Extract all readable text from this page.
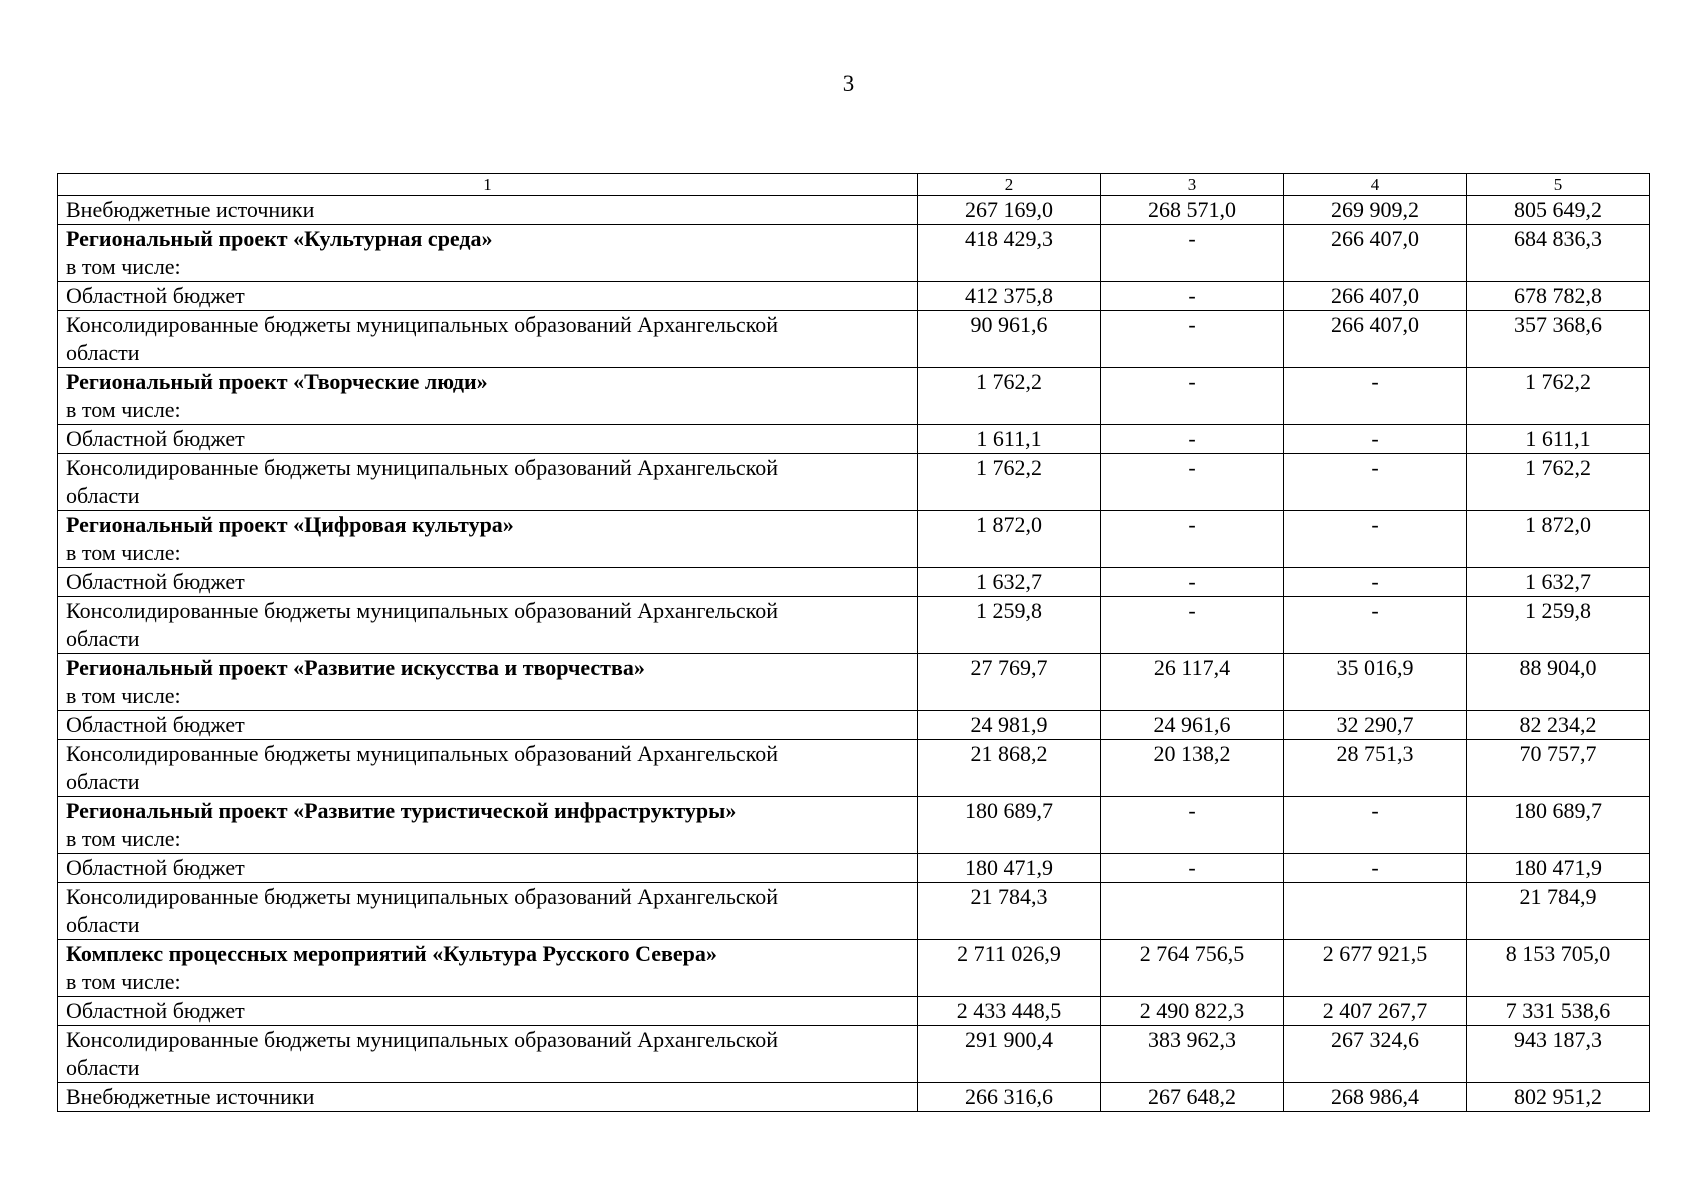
3
1	2	3	4	5

Внебюджетные источники	267 169,0	268 571,0	269 909,2	805 649,2

Региональный проект «Культурная среда»
в том числе:	418 429,3	-	266 407,0	684 836,3

Областной бюджет	412 375,8	-	266 407,0	678 782,8

Консолидированные бюджеты муниципальных образований Архангельской
области	90 961,6	-	266 407,0	357 368,6

Региональный проект «Творческие люди»
в том числе:	1 762,2	-	-	1 762,2

Областной бюджет	1 611,1	-	-	1 611,1

Консолидированные бюджеты муниципальных образований Архангельской
области	1 762,2	-	-	1 762,2

Региональный проект «Цифровая культура»
в том числе:	1 872,0	-	-	1 872,0

Областной бюджет	1 632,7	-	-	1 632,7

Консолидированные бюджеты муниципальных образований Архангельской
области	1 259,8	-	-	1 259,8

Региональный проект «Развитие искусства и творчества»
в том числе:	27 769,7	26 117,4	35 016,9	88 904,0

Областной бюджет	24 981,9	24 961,6	32 290,7	82 234,2

Консолидированные бюджеты муниципальных образований Архангельской
области	21 868,2	20 138,2	28 751,3	70 757,7

Региональный проект «Развитие туристической инфраструктуры»
в том числе:	180 689,7	-	-	180 689,7

Областной бюджет	180 471,9	-	-	180 471,9

Консолидированные бюджеты муниципальных образований Архангельской
области	21 784,3			21 784,9

Комплекс процессных мероприятий «Культура Русского Севера»
в том числе:	2 711 026,9	2 764 756,5	2 677 921,5	8 153 705,0

Областной бюджет	2 433 448,5	2 490 822,3	2 407 267,7	7 331 538,6

Консолидированные бюджеты муниципальных образований Архангельской
области	291 900,4	383 962,3	267 324,6	943 187,3

Внебюджетные источники	266 316,6	267 648,2	268 986,4	802 951,2
